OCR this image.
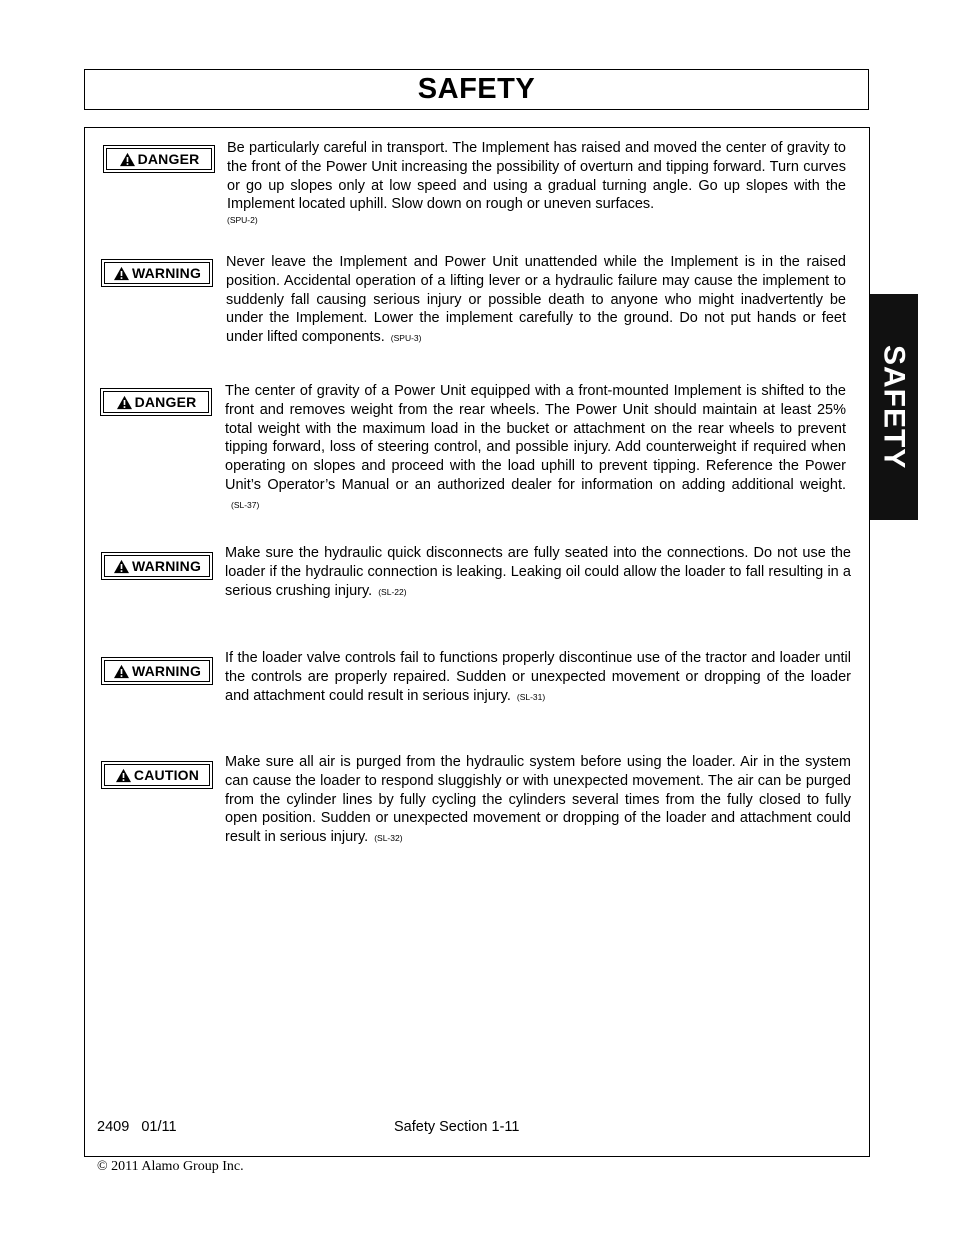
SAFETY
SAFETY
DANGER

Be particularly careful in transport. The Implement has raised and moved the center of gravity to the front of the Power Unit increasing the possibility of overturn and tipping forward. Turn curves or go up slopes only at low speed and using a gradual turning angle. Go up slopes with the Implement located uphill. Slow down on rough or uneven surfaces.
(SPU-2)

WARNING

Never leave the Implement and Power Unit unattended while the Implement is in the raised position. Accidental operation of a lifting lever or a hydraulic failure may cause the implement to suddenly fall causing serious injury or possible death to anyone who might inadvertently be under the Implement. Lower the implement carefully to the ground. Do not put hands or feet under lifted components. (SPU-3)

DANGER

The center of gravity of a Power Unit equipped with a front-mounted Implement is shifted to the front and removes weight from the rear wheels. The Power Unit should maintain at least 25% total weight with the maximum load in the bucket or attachment on the rear wheels to prevent tipping forward, loss of steering control, and possible injury. Add counterweight if required when operating on slopes and proceed with the load uphill to prevent tipping. Reference the Power Unit’s Operator’s Manual or an authorized dealer for information on adding additional weight.(SL-37)

WARNING

Make sure the hydraulic quick disconnects are fully seated into the connections. Do not use the loader if the hydraulic connection is leaking. Leaking oil could allow the loader to fall resulting in a serious crushing injury. (SL-22)

WARNING

If the loader valve controls fail to functions properly discontinue use of the tractor and loader until the controls are properly repaired. Sudden or unexpected movement or dropping of the loader and attachment could result in serious injury. (SL-31)

CAUTION

Make sure all air is purged from the hydraulic system before using the loader. Air in the system can cause the loader to respond sluggishly or with unexpected movement. The air can be purged from the cylinder lines by fully cycling the cylinders several times from the fully closed to fully open position. Sudden or unexpected movement or dropping of the loader and attachment could result in serious injury. (SL-32)

2409   01/11	Safety Section 1-11
© 2011 Alamo Group Inc.
